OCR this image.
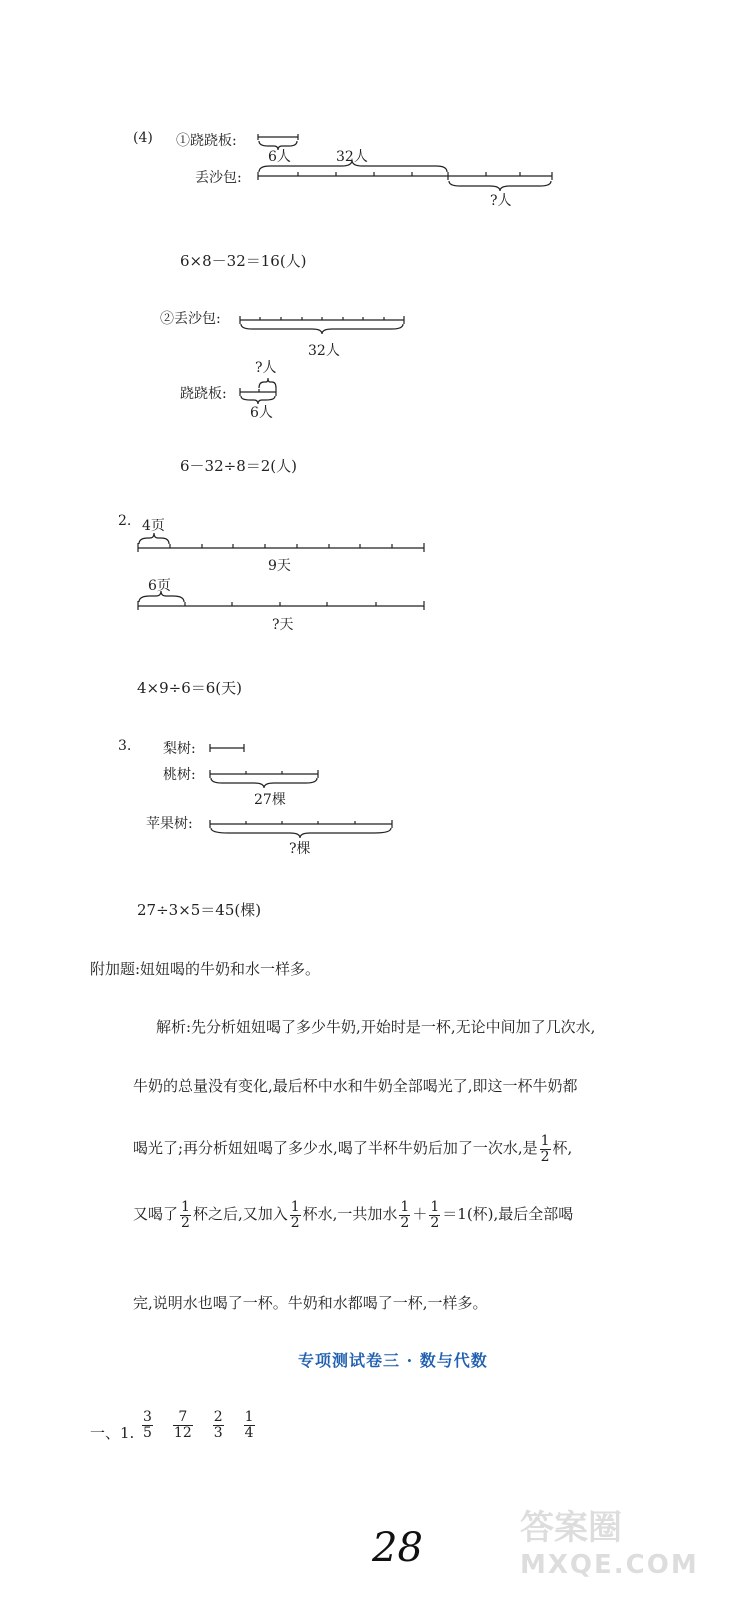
(4) ①跷跷板:
6人	32人
丢沙包:
?人
6×8－32＝16(人)
②丢沙包:
32人
?人
跷跷板:
6人
6－32÷8＝2(人)
2. 4页
9天
6页
?天
4×9÷6＝6(天)
3. 梨树:
桃树:
苹果树:
27棵
?棵
27÷3×5＝45(棵)
附加题:妞妞喝的牛奶和水一样多。
解析:先分析妞妞喝了多少牛奶,开始时是一杯,无论中间加了几次水,
牛奶的总量没有变化,最后杯中水和牛奶全部喝光了,即这一杯牛奶都
喝光了;再分析妞妞喝了多少水,喝了半杯牛奶后加了一次水,是 $\frac{1}{2}$ 杯,
又喝了 $\frac{1}{2}$ 杯之后,又加入 $\frac{1}{2}$ 杯水,一共加水 $\frac{1}{2} + \frac{1}{2} =1$(杯),最后全部喝
完,说明水也喝了一杯。牛奶和水都喝了一杯,一样多。
专项测试卷三 · 数与代数
一、1. $\frac{3}{5} \frac{7}{12} \frac{2}{3} \frac{1}{4}$
28	答案圈
MXQE.COM
